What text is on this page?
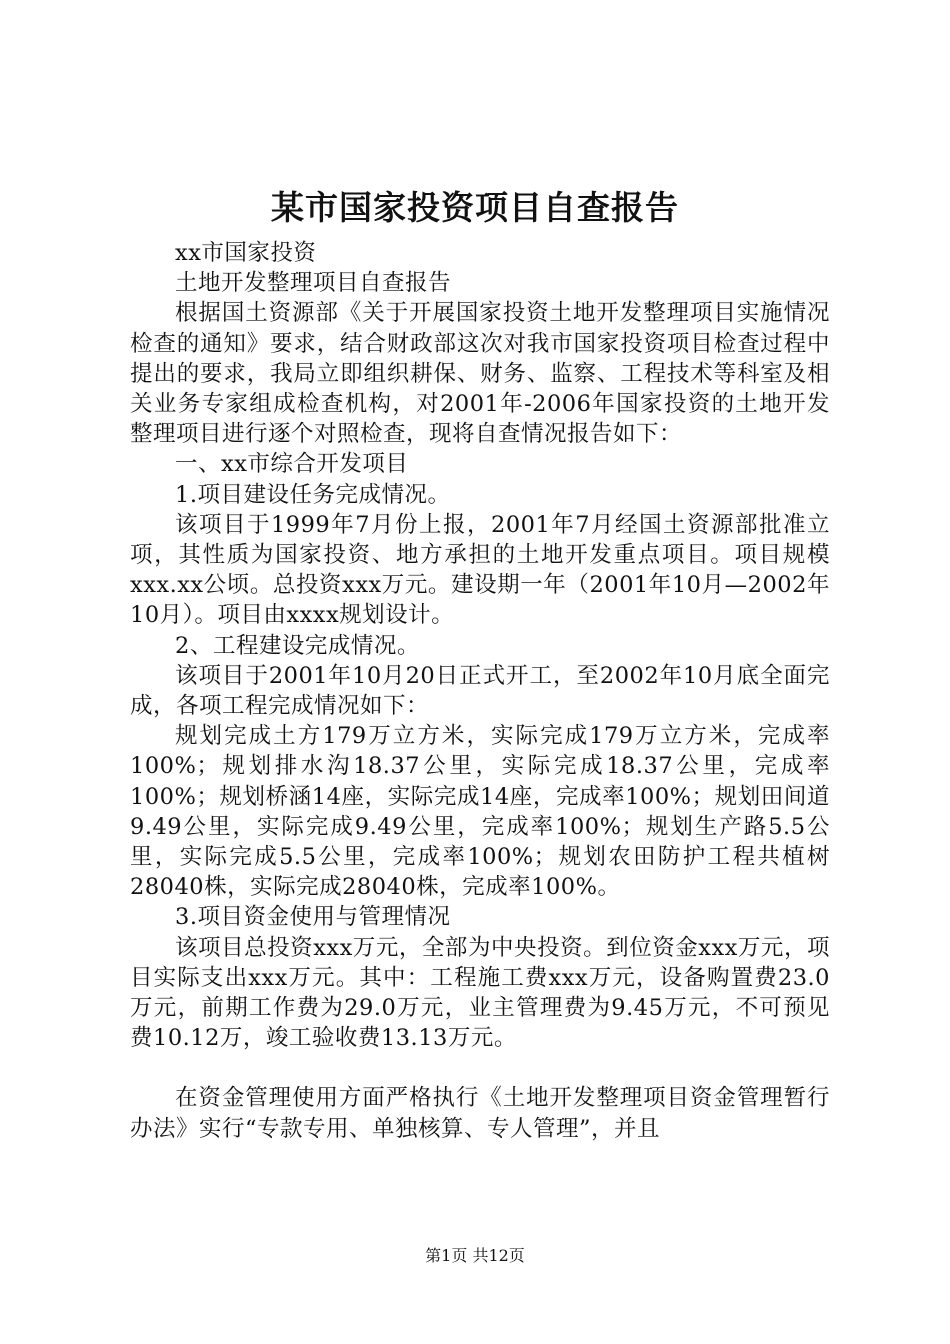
某市国家投资项目自查报告

xx市国家投资

土地开发整理项目自查报告

根据国土资源部《关于开展国家投资土地开发整理项目实施情况检查的通知》要求，结合财政部这次对我市国家投资项目检查过程中提出的要求，我局立即组织耕保、财务、监察、工程技术等科室及相关业务专家组成检查机构，对2001年-2006年国家投资的土地开发整理项目进行逐个对照检查，现将自查情况报告如下：

一、xx市综合开发项目

1.项目建设任务完成情况。

该项目于1999年7月份上报，2001年7月经国土资源部批准立项，其性质为国家投资、地方承担的土地开发重点项目。项目规模xxx.xx公顷。总投资xxx万元。建设期一年（2001年10月—2002年10月）。项目由xxxx规划设计。

2、工程建设完成情况。

该项目于2001年10月20日正式开工，至2002年10月底全面完成，各项工程完成情况如下：

规划完成土方179万立方米，实际完成179万立方米，完成率100%；规划排水沟18.37公里，实际完成18.37公里，完成率100%；规划桥涵14座，实际完成14座，完成率100%；规划田间道9.49公里，实际完成9.49公里，完成率100%；规划生产路5.5公里，实际完成5.5公里，完成率100%；规划农田防护工程共植树28040株，实际完成28040株，完成率100%。

3.项目资金使用与管理情况

该项目总投资xxx万元，全部为中央投资。到位资金xxx万元，项目实际支出xxx万元。其中：工程施工费xxx万元，设备购置费23.0万元，前期工作费为29.0万元，业主管理费为9.45万元，不可预见费10.12万，竣工验收费13.13万元。

在资金管理使用方面严格执行《土地开发整理项目资金管理暂行办法》实行“专款专用、单独核算、专人管理”，并且

第1页 共12页
